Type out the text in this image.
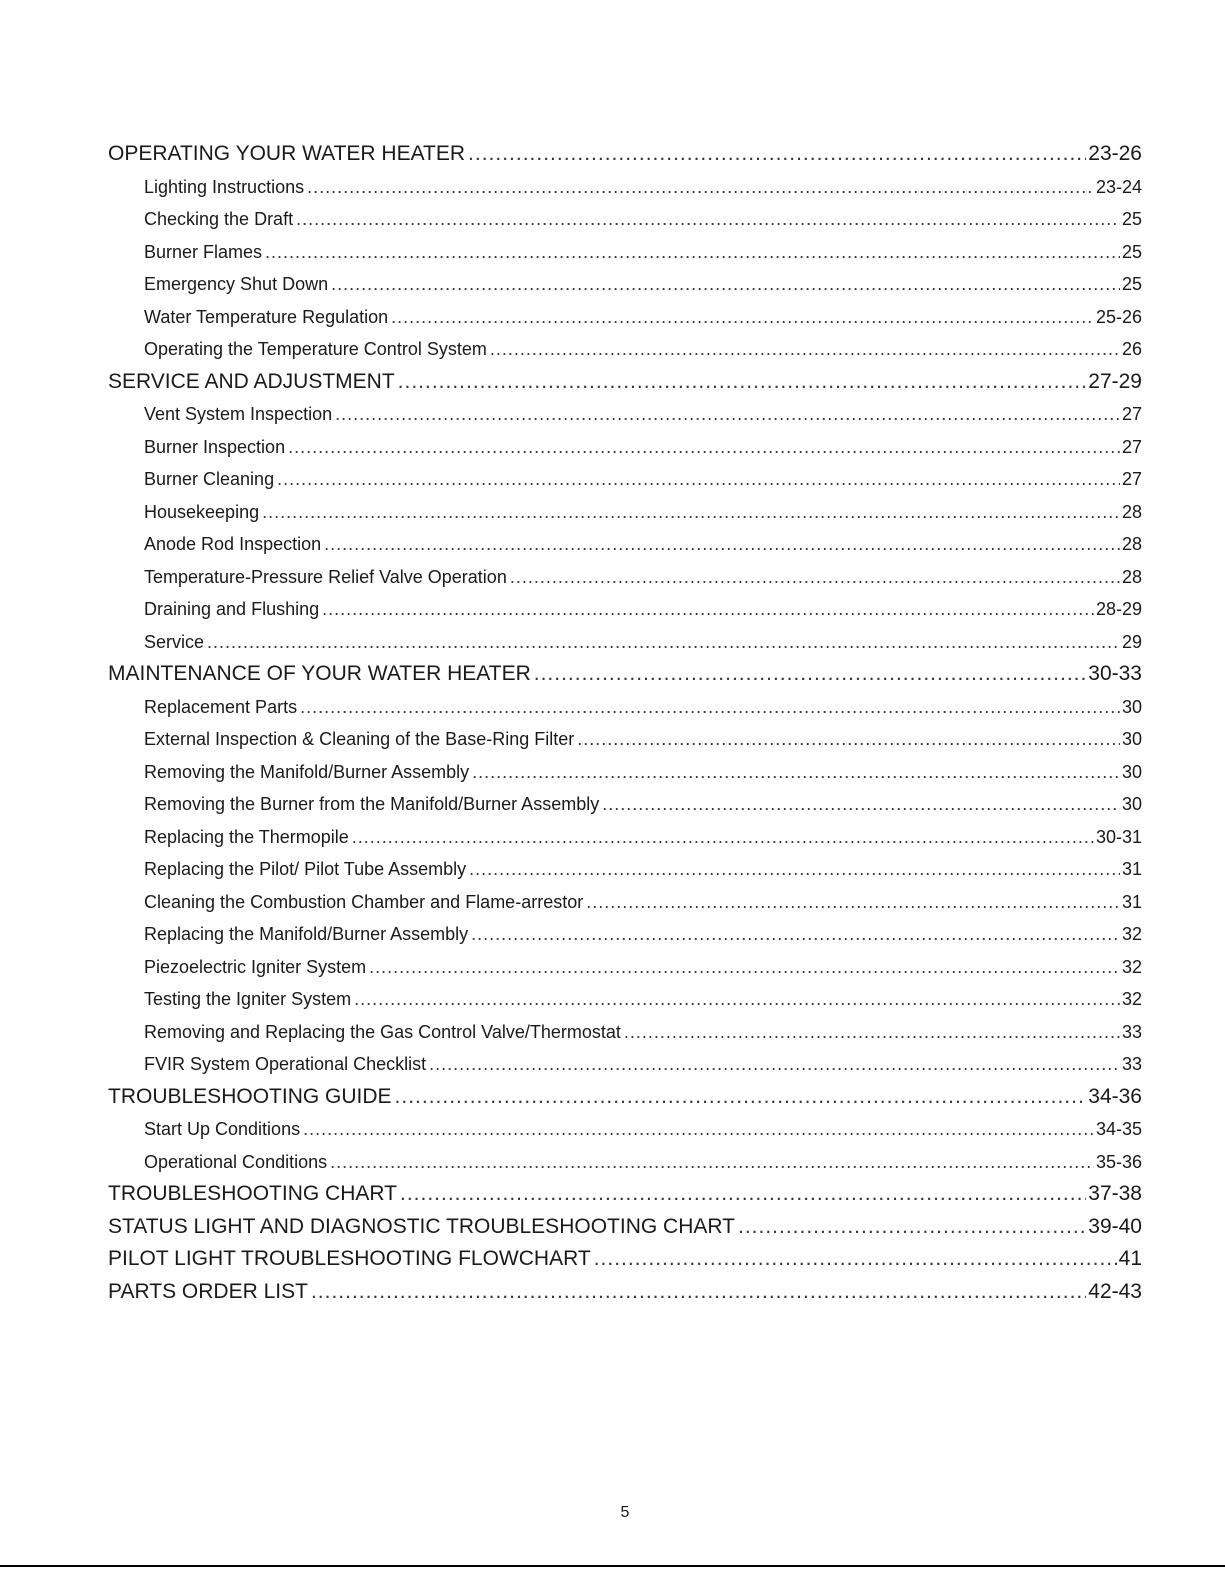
OPERATING YOUR WATER HEATER .....	23-26
Lighting Instructions .....	23-24
Checking the Draft .....	25
Burner Flames .....	25
Emergency Shut Down .....	25
Water Temperature Regulation .....	25-26
Operating the Temperature Control System .....	26
SERVICE AND ADJUSTMENT .....	27-29
Vent System Inspection .....	27
Burner Inspection .....	27
Burner Cleaning .....	27
Housekeeping .....	28
Anode Rod Inspection .....	28
Temperature-Pressure Relief Valve Operation .....	28
Draining and Flushing .....	28-29
Service .....	29
MAINTENANCE OF YOUR WATER HEATER .....	30-33
Replacement Parts .....	30
External Inspection & Cleaning of the Base-Ring Filter .....	30
Removing the Manifold/Burner Assembly .....	30
Removing the Burner from the Manifold/Burner Assembly .....	30
Replacing the Thermopile .....	30-31
Replacing the Pilot/ Pilot Tube Assembly .....	31
Cleaning the Combustion Chamber and Flame-arrestor .....	31
Replacing the Manifold/Burner Assembly .....	32
Piezoelectric Igniter System .....	32
Testing the Igniter System .....	32
Removing and Replacing the Gas Control Valve/Thermostat .....	33
FVIR System Operational Checklist .....	33
TROUBLESHOOTING GUIDE .....	34-36
Start Up Conditions .....	34-35
Operational Conditions .....	35-36
TROUBLESHOOTING CHART .....	37-38
STATUS LIGHT AND DIAGNOSTIC TROUBLESHOOTING CHART .....	39-40
PILOT LIGHT TROUBLESHOOTING FLOWCHART .....	41
PARTS ORDER LIST .....	42-43
5
